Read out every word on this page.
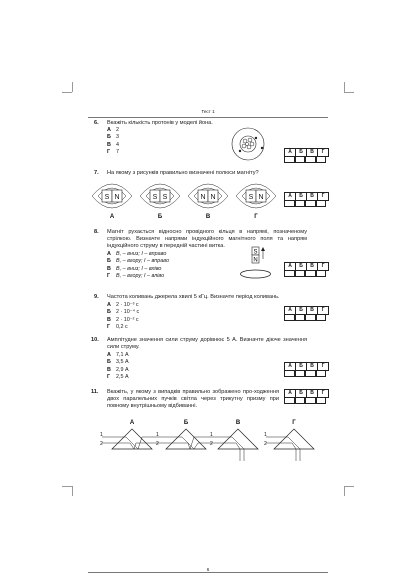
Тест 1
6. Вкажіть кількість протонів у моделі йона.
А 2
Б 3
В 4
Г 7	А	Б	В	Г
7. На якому з рисунків правильно визначені полюси магніту?
S N	S S	N N	S N
А	Б	В	Г
А	Б	В	Г
8. Магніт рухається відносно провідного кільця в напрямі, позначеному стрілкою. Визначте напрями індукційного магнітного поля та напрям індукційного струму в передній частині витка.
А B, – вниз; I – вправо
Б B, – вгору; I – вправо
В B, – вниз; I – вліво
Г B, – вгору; I – вліво
S
N
А	Б	В	Г
9. Частота коливань джерела хвилі 5 кГц. Визначте період коливань.
А 2 · 10⁻³ с
Б 2 · 10⁻⁴ с
В 2 · 10⁻² с
Г 0,2 с
А	Б	В	Г
10. Амплітудне значення сили струму дорівнює 5 А. Визначте діюче значення сили струму.
А 7,1 А
Б 3,5 А
В 2,9 А
Г 2,5 А
А	Б	В	Г
11. Вкажіть, у якому з випадків правильно зображено про-ходження двох паралельних пучків світла через трикутну призму при повному внутрішньому відбиванні.
А	Б	В	Г
А	Б	В	Г
1
2
1
2
1
2
1
2
6
